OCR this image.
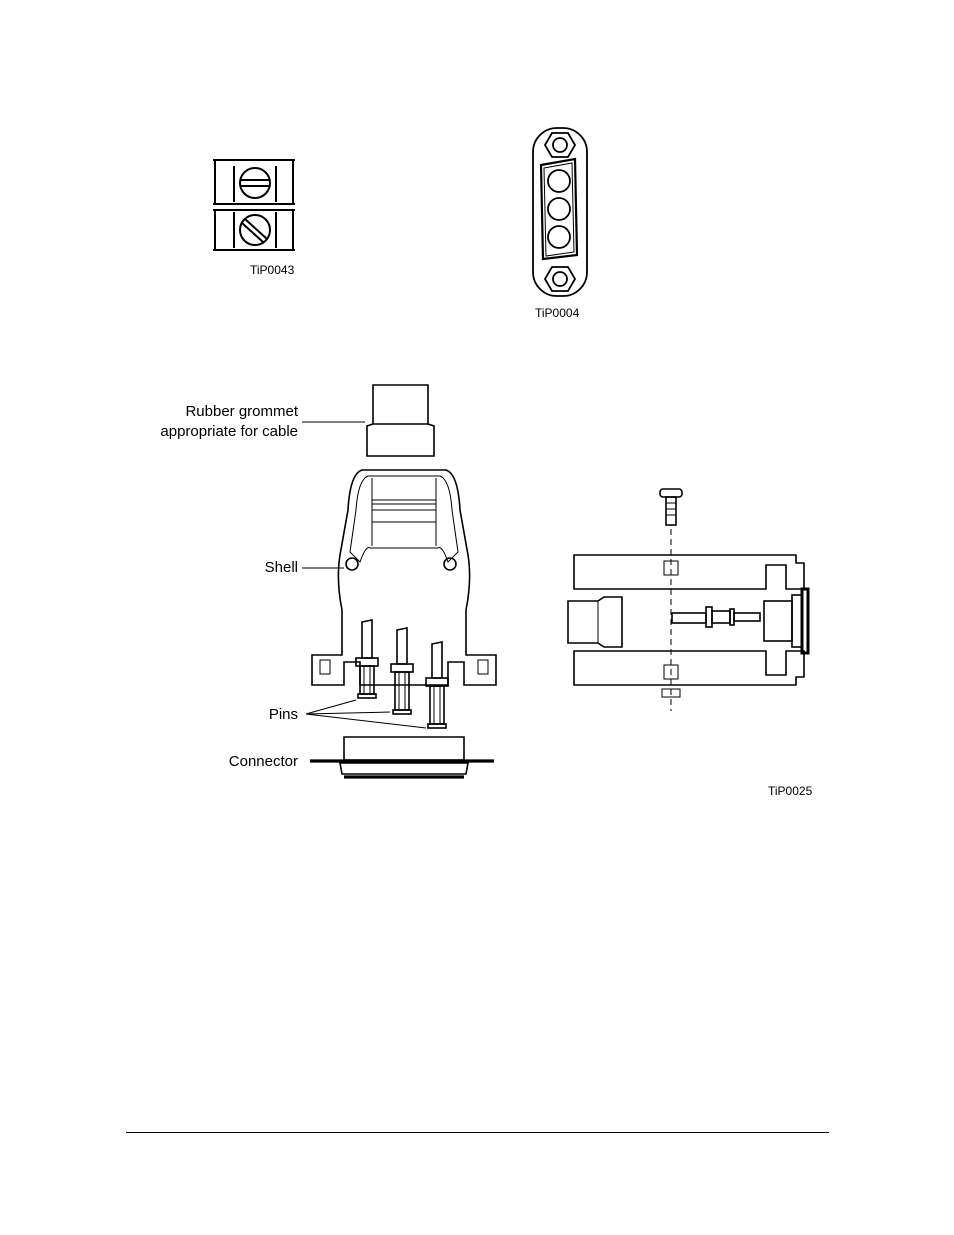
TiP0043
TiP0004
Rubber grommet
appropriate for cable
Shell
Pins
Connector
TiP0025
